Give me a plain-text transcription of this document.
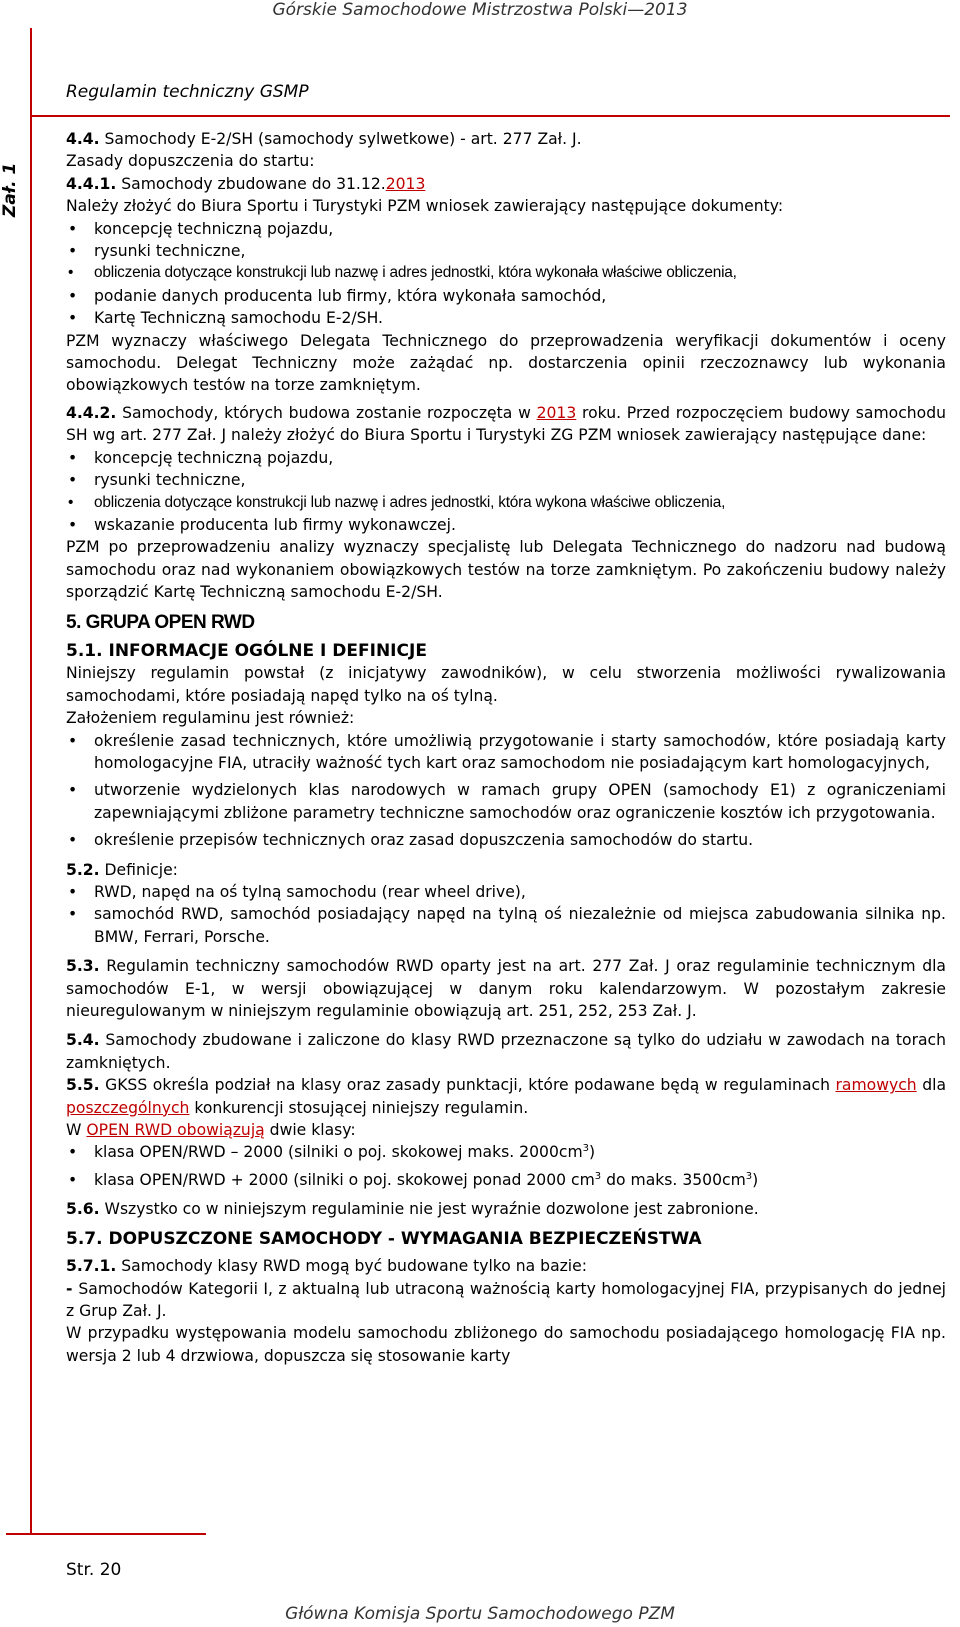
Górskie Samochodowe Mistrzostwa Polski—2013
Regulamin techniczny GSMP
Zał. 1

4.4. Samochody E-2/SH (samochody sylwetkowe) - art. 277 Zał. J.

Zasady dopuszczenia do startu:

4.4.1. Samochody zbudowane do 31.12.2013

Należy złożyć do Biura Sportu i Turystyki PZM wniosek zawierający następujące dokumenty:

• koncepcję techniczną pojazdu,
• rysunki techniczne,
• obliczenia dotyczące konstrukcji lub nazwę i adres jednostki, która wykonała właściwe obliczenia,
• podanie danych producenta lub firmy, która wykonała samochód,
• Kartę Techniczną samochodu E-2/SH.

PZM wyznaczy właściwego Delegata Technicznego do przeprowadzenia weryfikacji dokumentów i oceny samochodu. Delegat Techniczny może zażądać np. dostarczenia opinii rzeczoznawcy lub wykonania obowiązkowych testów na torze zamkniętym.

4.4.2. Samochody, których budowa zostanie rozpoczęta w 2013 roku. Przed rozpoczęciem budowy samochodu SH wg art. 277 Zał. J należy złożyć do Biura Sportu i Turystyki ZG PZM wniosek zawierający następujące dane:

• koncepcję techniczną pojazdu,
• rysunki techniczne,
• obliczenia dotyczące konstrukcji lub nazwę i adres jednostki, która wykona właściwe obliczenia,
• wskazanie producenta lub firmy wykonawczej.

PZM po przeprowadzeniu analizy wyznaczy specjalistę lub Delegata Technicznego do nadzoru nad budową samochodu oraz nad wykonaniem obowiązkowych testów na torze zamkniętym. Po zakończeniu budowy należy sporządzić Kartę Techniczną samochodu E-2/SH.

5. GRUPA OPEN RWD

5.1. INFORMACJE OGÓLNE I DEFINICJE

Niniejszy regulamin powstał (z inicjatywy zawodników), w celu stworzenia możliwości rywalizowania samochodami, które posiadają napęd tylko na oś tylną.

Założeniem regulaminu jest również:

• określenie zasad technicznych, które umożliwią przygotowanie i starty samochodów, które posiadają karty homologacyjne FIA, utraciły ważność tych kart oraz samochodom nie posiadającym kart homologacyjnych,
• utworzenie wydzielonych klas narodowych w ramach grupy OPEN (samochody E1) z ograniczeniami zapewniającymi zbliżone parametry techniczne samochodów oraz ograniczenie kosztów ich przygotowania.
• określenie przepisów technicznych oraz zasad dopuszczenia samochodów do startu.

5.2. Definicje:

• RWD, napęd na oś tylną samochodu (rear wheel drive),
• samochód RWD, samochód posiadający napęd na tylną oś niezależnie od miejsca zabudowania silnika np. BMW, Ferrari, Porsche.

5.3. Regulamin techniczny samochodów RWD oparty jest na art. 277 Zał. J oraz regulaminie technicznym dla samochodów E-1, w wersji obowiązującej w danym roku kalendarzowym. W pozostałym zakresie nieuregulowanym w niniejszym regulaminie obowiązują art. 251, 252, 253 Zał. J.

5.4. Samochody zbudowane i zaliczone do klasy RWD przeznaczone są tylko do udziału w zawodach na torach zamkniętych.

5.5. GKSS określa podział na klasy oraz zasady punktacji, które podawane będą w regulaminach ramowych dla poszczególnych konkurencji stosującej niniejszy regulamin.

W OPEN RWD obowiązują dwie klasy:

• klasa OPEN/RWD – 2000 (silniki o poj. skokowej maks. $2000cm^3$)
• klasa OPEN/RWD + 2000 (silniki o poj. skokowej ponad 2000 $cm^3$ do maks. $3500cm^3$)

5.6. Wszystko co w niniejszym regulaminie nie jest wyraźnie dozwolone jest zabronione.

5.7. DOPUSZCZONE SAMOCHODY - WYMAGANIA BEZPIECZEŃSTWA

5.7.1. Samochody klasy RWD mogą być budowane tylko na bazie:

- Samochodów Kategorii I, z aktualną lub utraconą ważnością karty homologacyjnej FIA, przypisanych do jednej z Grup Zał. J.

W przypadku występowania modelu samochodu zbliżonego do samochodu posiadającego homologację FIA np. wersja 2 lub 4 drzwiowa, dopuszcza się stosowanie karty

Str. 20
Główna Komisja Sportu Samochodowego PZM
